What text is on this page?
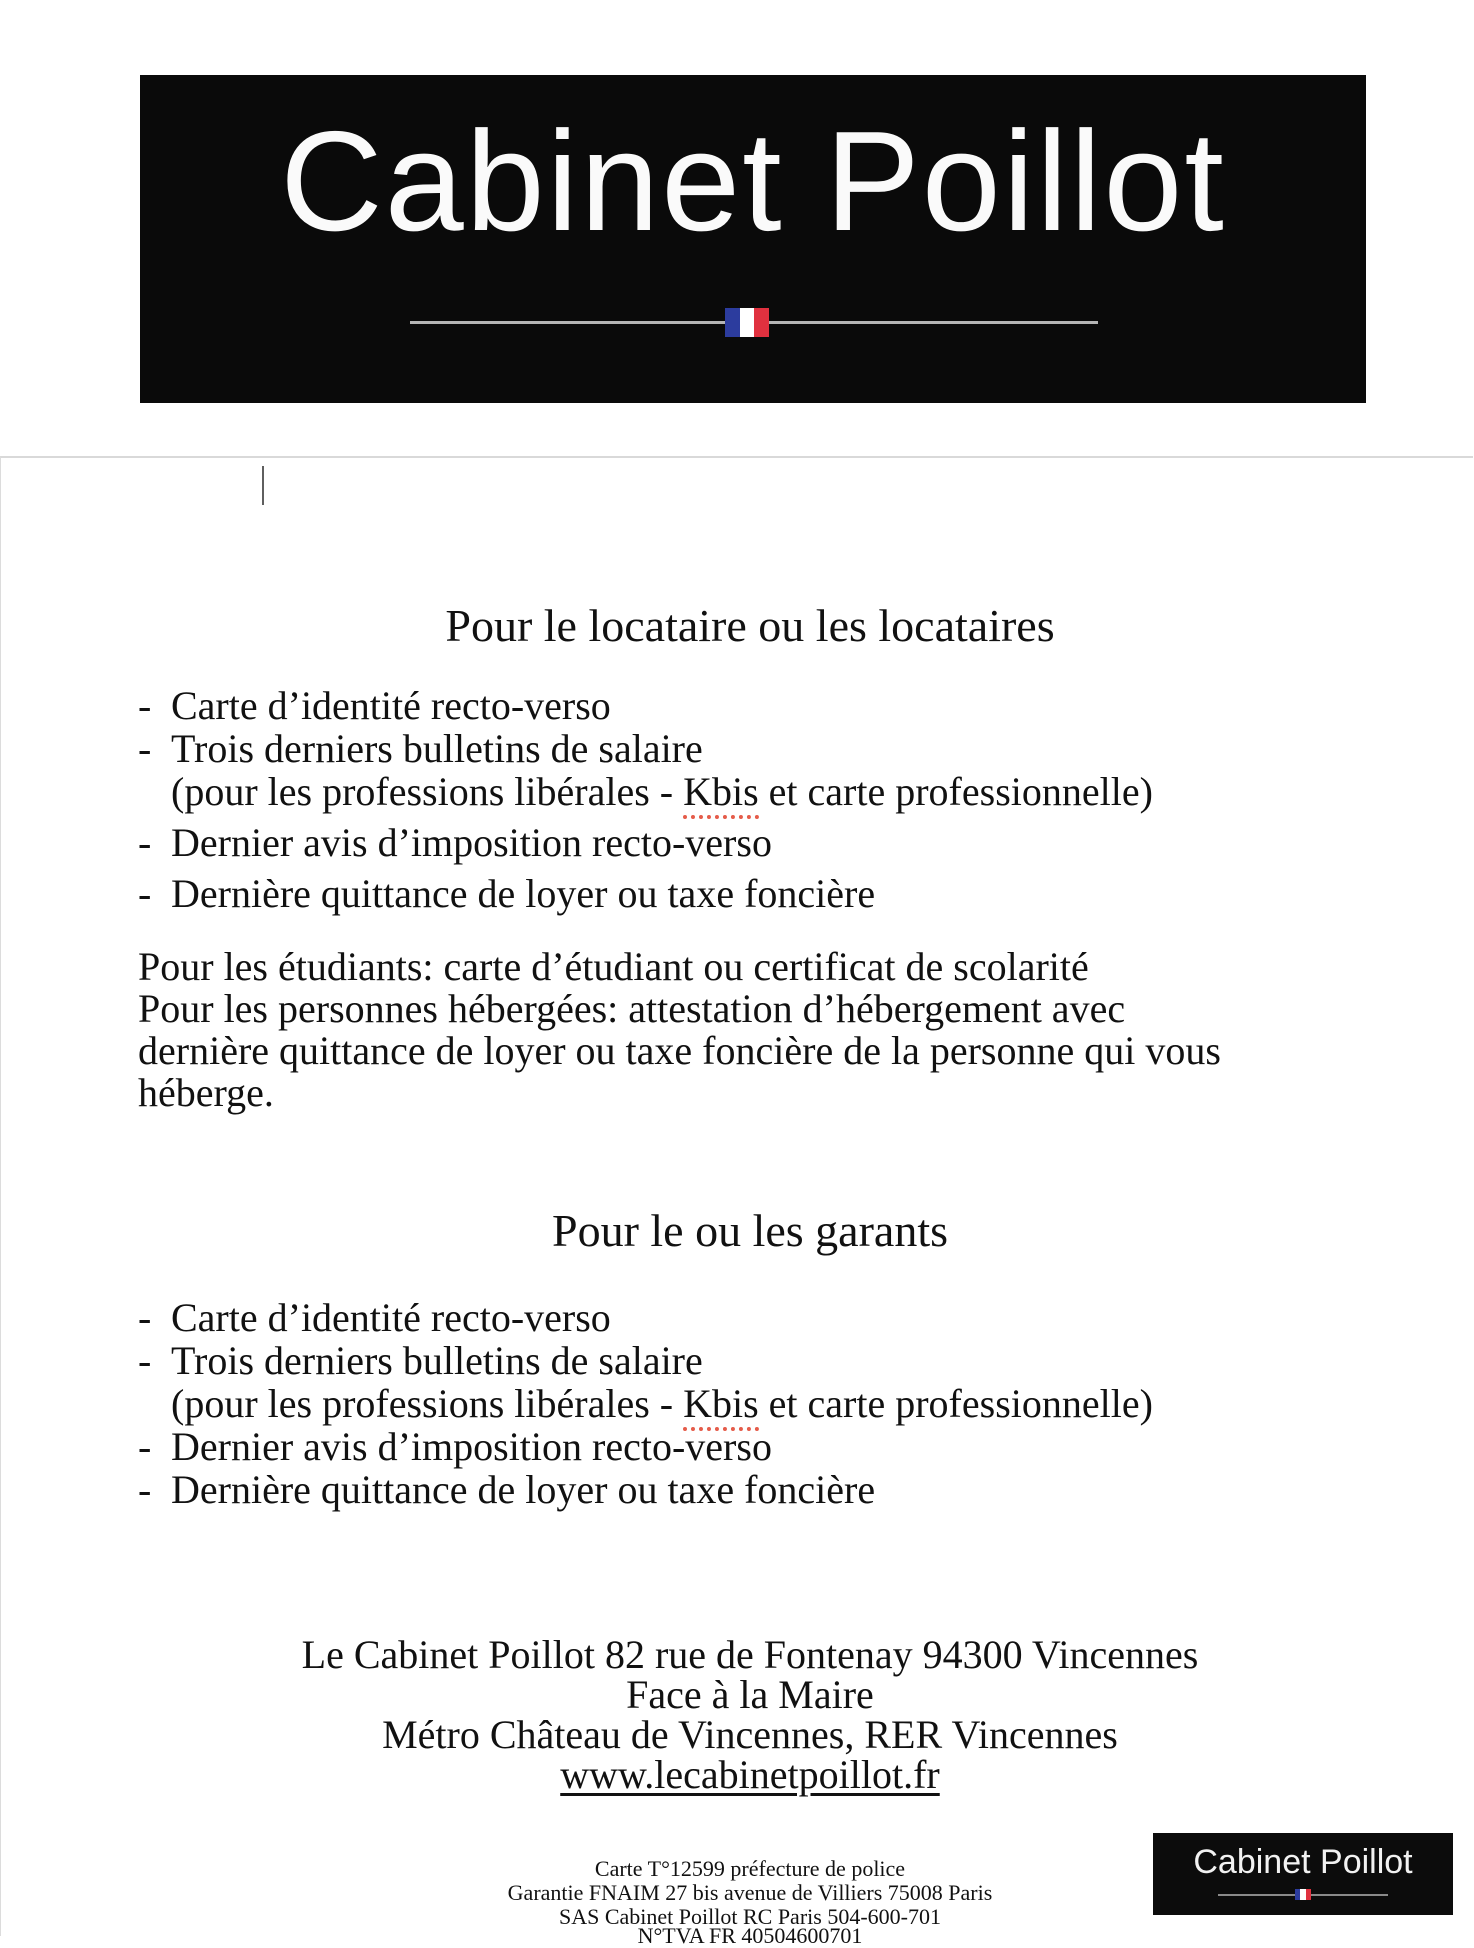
Cabinet Poillot
Pour le locataire ou les locataires
- Carte d’identité recto-verso
- Trois derniers bulletins de salaire
(pour les professions libérales - Kbis et carte professionnelle)
- Dernier avis d’imposition recto-verso
- Dernière quittance de loyer ou taxe foncière
Pour les étudiants: carte d’étudiant ou certificat de scolarité
Pour les personnes hébergées: attestation d’hébergement avec
dernière quittance de loyer ou taxe foncière de la personne qui vous
héberge.
Pour le ou les garants
- Carte d’identité recto-verso
- Trois derniers bulletins de salaire
(pour les professions libérales - Kbis et carte professionnelle)
- Dernier avis d’imposition recto-verso
- Dernière quittance de loyer ou taxe foncière
Le Cabinet Poillot 82 rue de Fontenay 94300 Vincennes
Face à la Maire
Métro Château de Vincennes, RER Vincennes
www.lecabinetpoillot.fr
Carte T°12599 préfecture de police
Garantie FNAIM 27 bis avenue de Villiers 75008 Paris
SAS Cabinet Poillot RC Paris 504-600-701
N°TVA FR 40504600701
Cabinet Poillot
